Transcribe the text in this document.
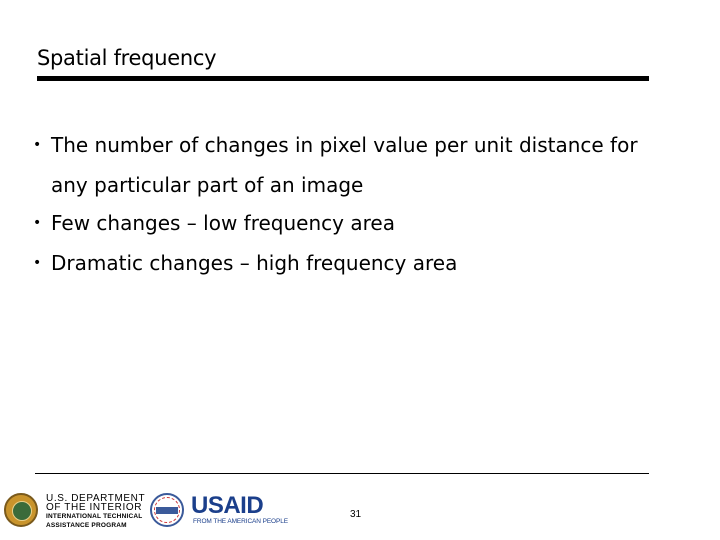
Spatial frequency
• The number of changes in pixel value per unit distance for
any particular part of an image
• Few changes – low frequency area
• Dramatic changes – high frequency area
U.S. DEPARTMENT
OF THE INTERIOR
INTERNATIONAL TECHNICAL
ASSISTANCE PROGRAM
USAID
FROM THE AMERICAN PEOPLE
31
